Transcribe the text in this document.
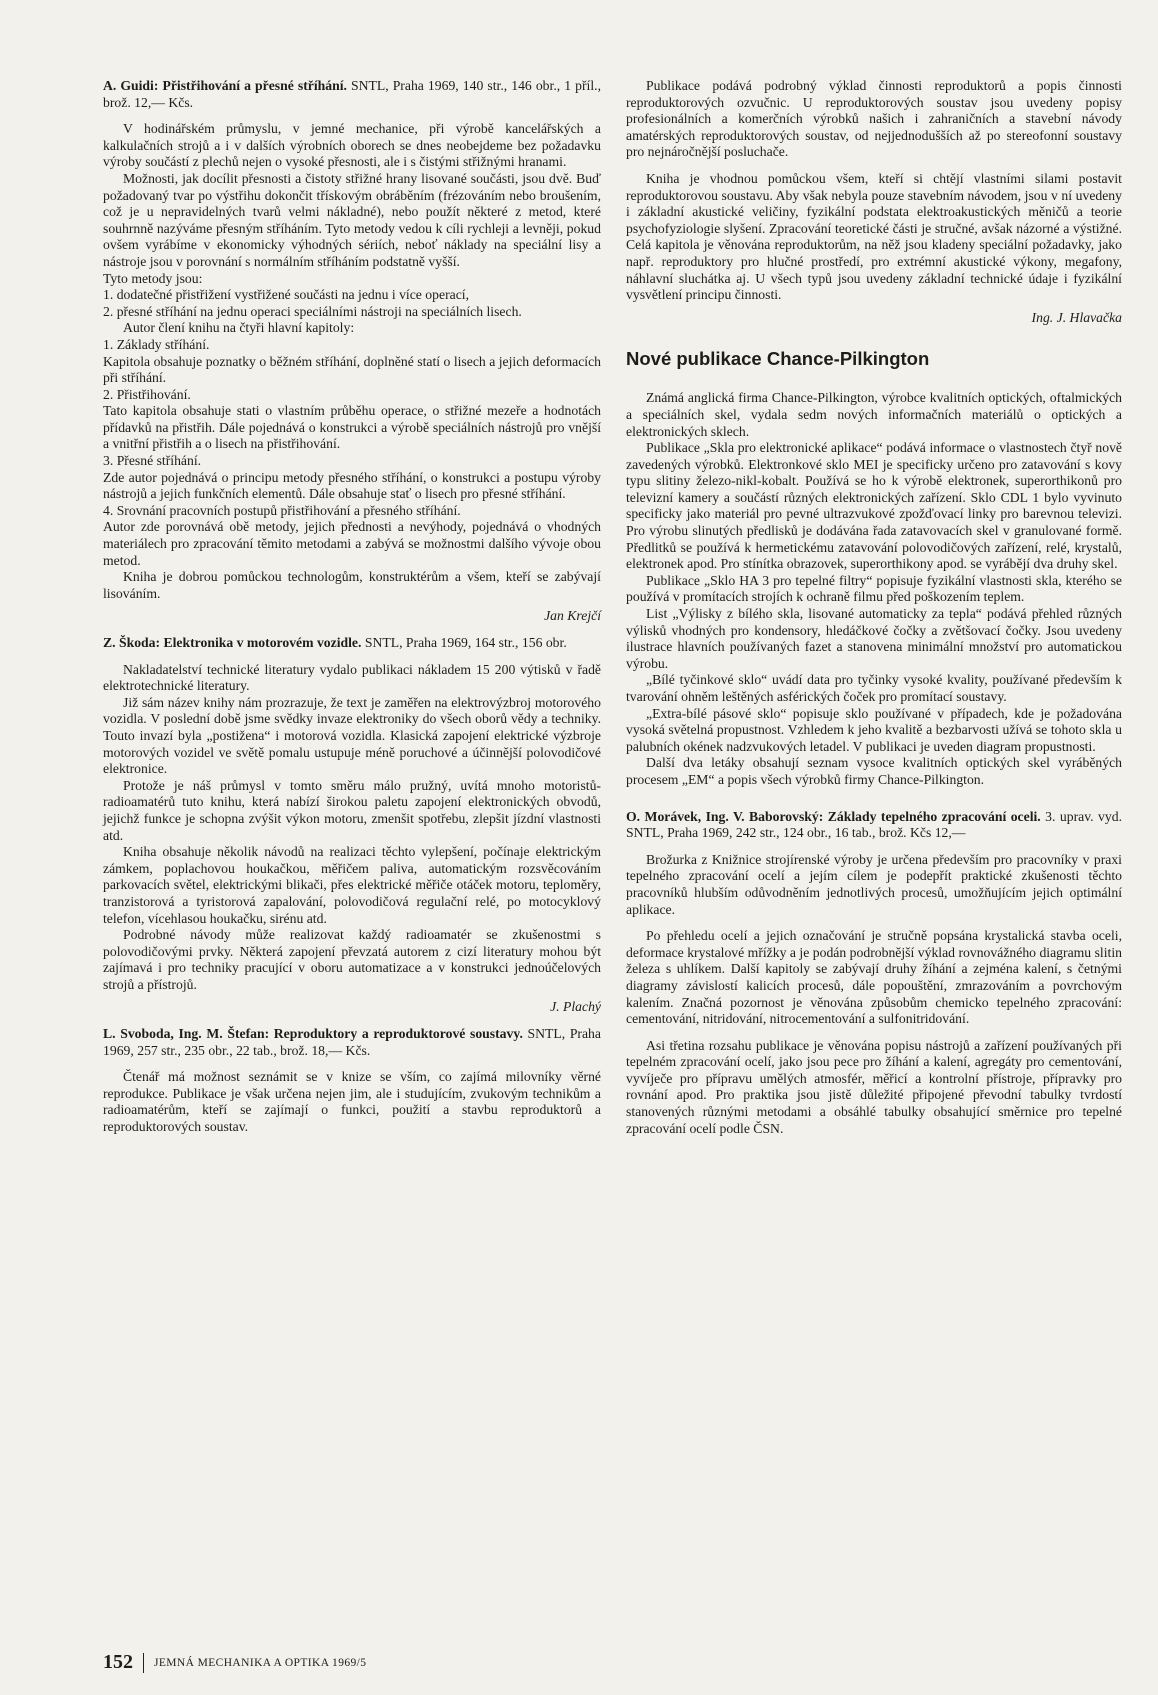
A. Guidi: Přistřihování a přesné stříhání. SNTL, Praha 1969, 140 str., 146 obr., 1 příl., brož. 12,— Kčs.

V hodinářském průmyslu, v jemné mechanice, při výrobě kancelářských a kalkulačních strojů a i v dalších výrobních oborech se dnes neobejdeme bez požadavku výroby součástí z plechů nejen o vysoké přesnosti, ale i s čistými střižnými hranami.

Možnosti, jak docílit přesnosti a čistoty střižné hrany lisované součásti, jsou dvě. Buď požadovaný tvar po výstřihu dokončit třískovým obráběním (frézováním nebo broušením, což je u nepravidelných tvarů velmi nákladné), nebo použít některé z metod, které souhrnně nazýváme přesným stříháním. Tyto metody vedou k cíli rychleji a levněji, pokud ovšem vyrábíme v ekonomicky výhodných sériích, neboť náklady na speciální lisy a nástroje jsou v porovnání s normálním stříháním podstatně vyšší.

Tyto metody jsou:

1. dodatečné přistřižení vystřižené součásti na jednu i více operací,

2. přesné stříhání na jednu operaci speciálními nástroji na speciálních lisech.

Autor člení knihu na čtyři hlavní kapitoly:

1. Základy stříhání.

Kapitola obsahuje poznatky o běžném stříhání, doplněné statí o lisech a jejich deformacích při stříhání.

2. Přistřihování.

Tato kapitola obsahuje stati o vlastním průběhu operace, o střižné mezeře a hodnotách přídavků na přistřih. Dále pojednává o konstrukci a výrobě speciálních nástrojů pro vnější a vnitřní přistřih a o lisech na přistřihování.

3. Přesné stříhání.

Zde autor pojednává o principu metody přesného stříhání, o konstrukci a postupu výroby nástrojů a jejich funkčních elementů. Dále obsahuje stať o lisech pro přesné stříhání.

4. Srovnání pracovních postupů přistřihování a přesného stříhání.

Autor zde porovnává obě metody, jejich přednosti a nevýhody, pojednává o vhodných materiálech pro zpracování těmito metodami a zabývá se možnostmi dalšího vývoje obou metod.

Kniha je dobrou pomůckou technologům, konstruktérům a všem, kteří se zabývají lisováním.

Jan Krejčí

Z. Škoda: Elektronika v motorovém vozidle. SNTL, Praha 1969, 164 str., 156 obr.

Nakladatelství technické literatury vydalo publikaci nákladem 15 200 výtisků v řadě elektrotechnické literatury.

Již sám název knihy nám prozrazuje, že text je zaměřen na elektrovýzbroj motorového vozidla. V poslední době jsme svědky invaze elektroniky do všech oborů vědy a techniky. Touto invazí byla „postižena“ i motorová vozidla. Klasická zapojení elektrické výzbroje motorových vozidel ve světě pomalu ustupuje méně poruchové a účinnější polovodičové elektronice.

Protože je náš průmysl v tomto směru málo pružný, uvítá mnoho motoristů-radioamatérů tuto knihu, která nabízí širokou paletu zapojení elektronických obvodů, jejichž funkce je schopna zvýšit výkon motoru, zmenšit spotřebu, zlepšit jízdní vlastnosti atd.

Kniha obsahuje několik návodů na realizaci těchto vylepšení, počínaje elektrickým zámkem, poplachovou houkačkou, měřičem paliva, automatickým rozsvěcováním parkovacích světel, elektrickými blikači, přes elektrické měřiče otáček motoru, teploměry, tranzistorová a tyristorová zapalování, polovodičová regulační relé, po motocyklový telefon, vícehlasou houkačku, sirénu atd.

Podrobné návody může realizovat každý radioamatér se zkušenostmi s polovodičovými prvky. Některá zapojení převzatá autorem z cizí literatury mohou být zajímavá i pro techniky pracující v oboru automatizace a v konstrukci jednoúčelových strojů a přístrojů.

J. Plachý

L. Svoboda, Ing. M. Štefan: Reproduktory a reproduktorové soustavy. SNTL, Praha 1969, 257 str., 235 obr., 22 tab., brož. 18,— Kčs.

Čtenář má možnost seznámit se v knize se vším, co zajímá milovníky věrné reprodukce. Publikace je však určena nejen jim, ale i studujícím, zvukovým technikům a radioamatérům, kteří se zajímají o funkci, použití a stavbu reproduktorů a reproduktorových soustav.

Publikace podává podrobný výklad činnosti reproduktorů a popis činnosti reproduktorových ozvučnic. U reproduktorových soustav jsou uvedeny popisy profesionálních a komerčních výrobků našich i zahraničních a stavební návody amatérských reproduktorových soustav, od nejjednodušších až po stereofonní soustavy pro nejnáročnější posluchače.

Kniha je vhodnou pomůckou všem, kteří si chtějí vlastními silami postavit reproduktorovou soustavu. Aby však nebyla pouze stavebním návodem, jsou v ní uvedeny i základní akustické veličiny, fyzikální podstata elektroakustických měničů a teorie psychofyziologie slyšení. Zpracování teoretické části je stručné, avšak názorné a výstižné. Celá kapitola je věnována reproduktorům, na něž jsou kladeny speciální požadavky, jako např. reproduktory pro hlučné prostředí, pro extrémní akustické výkony, megafony, náhlavní sluchátka aj. U všech typů jsou uvedeny základní technické údaje i fyzikální vysvětlení principu činnosti.

Ing. J. Hlavačka

Nové publikace Chance-Pilkington

Známá anglická firma Chance-Pilkington, výrobce kvalitních optických, oftalmických a speciálních skel, vydala sedm nových informačních materiálů o optických a elektronických sklech.

Publikace „Skla pro elektronické aplikace“ podává informace o vlastnostech čtyř nově zavedených výrobků. Elektronkové sklo MEI je specificky určeno pro zatavování s kovy typu slitiny železo-nikl-kobalt. Používá se ho k výrobě elektronek, superorthikonů pro televizní kamery a součástí různých elektronických zařízení. Sklo CDL 1 bylo vyvinuto specificky jako materiál pro pevné ultrazvukové zpožďovací linky pro barevnou televizi. Pro výrobu slinutých předlisků je dodávána řada zatavovacích skel v granulované formě. Předlitků se používá k hermetickému zatavování polovodičových zařízení, relé, krystalů, elektronek apod. Pro stínítka obrazovek, superorthikony apod. se vyrábějí dva druhy skel.

Publikace „Sklo HA 3 pro tepelné filtry“ popisuje fyzikální vlastnosti skla, kterého se používá v promítacích strojích k ochraně filmu před poškozením teplem.

List „Výlisky z bílého skla, lisované automaticky za tepla“ podává přehled různých výlisků vhodných pro kondensory, hledáčkové čočky a zvětšovací čočky. Jsou uvedeny ilustrace hlavních používaných fazet a stanovena minimální množství pro automatickou výrobu.

„Bílé tyčinkové sklo“ uvádí data pro tyčinky vysoké kvality, používané především k tvarování ohněm leštěných asférických čoček pro promítací soustavy.

„Extra-bílé pásové sklo“ popisuje sklo používané v případech, kde je požadována vysoká světelná propustnost. Vzhledem k jeho kvalitě a bezbarvosti užívá se tohoto skla u palubních okének nadzvukových letadel. V publikaci je uveden diagram propustnosti.

Další dva letáky obsahují seznam vysoce kvalitních optických skel vyráběných procesem „EM“ a popis všech výrobků firmy Chance-Pilkington.

O. Morávek, Ing. V. Baborovský: Základy tepelného zpracování oceli. 3. uprav. vyd. SNTL, Praha 1969, 242 str., 124 obr., 16 tab., brož. Kčs 12,—

Brožurka z Knižnice strojírenské výroby je určena především pro pracovníky v praxi tepelného zpracování ocelí a jejím cílem je podepřít praktické zkušenosti těchto pracovníků hlubším odůvodněním jednotlivých procesů, umožňujícím jejich optimální aplikace.

Po přehledu ocelí a jejich označování je stručně popsána krystalická stavba oceli, deformace krystalové mřížky a je podán podrobnější výklad rovnovážného diagramu slitin železa s uhlíkem. Další kapitoly se zabývají druhy žíhání a zejména kalení, s četnými diagramy závislostí kalicích procesů, dále popouštění, zmrazováním a povrchovým kalením. Značná pozornost je věnována způsobům chemicko tepelného zpracování: cementování, nitridování, nitrocementování a sulfonitridování.

Asi třetina rozsahu publikace je věnována popisu nástrojů a zařízení používaných při tepelném zpracování ocelí, jako jsou pece pro žíhání a kalení, agregáty pro cementování, vyvíječe pro přípravu umělých atmosfér, měřicí a kontrolní přístroje, přípravky pro rovnání apod. Pro praktika jsou jistě důležité připojené převodní tabulky tvrdostí stanovených různými metodami a obsáhlé tabulky obsahující směrnice pro tepelné zpracování ocelí podle ČSN.

152 JEMNÁ MECHANIKA A OPTIKA 1969/5
